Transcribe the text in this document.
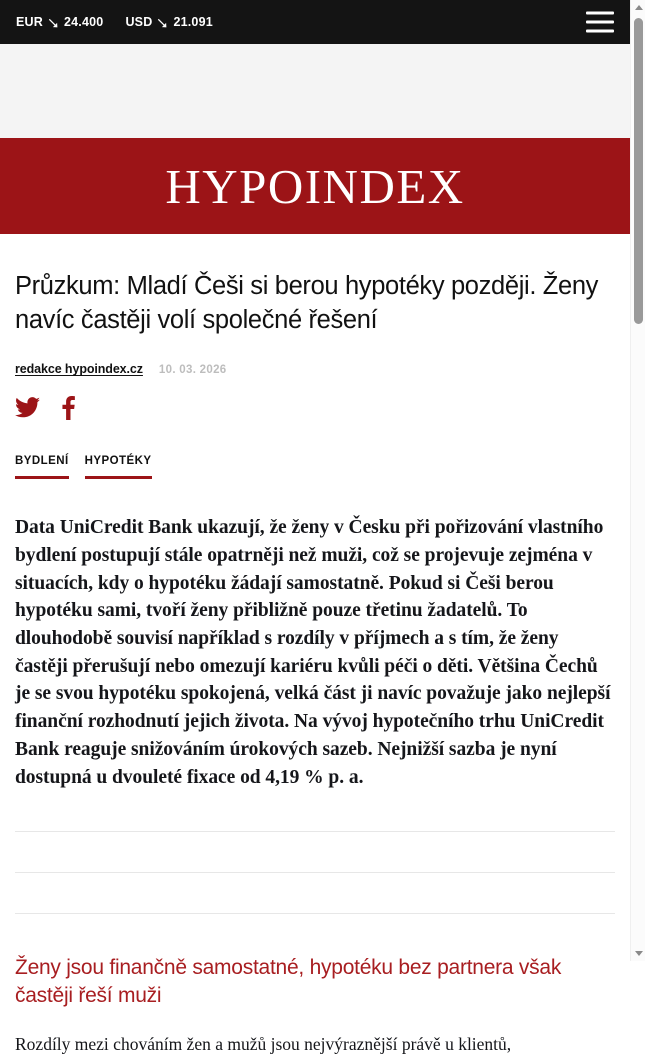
EUR 24.400 USD 21.091
HYPOINDEX
Průzkum: Mladí Češi si berou hypotéky později. Ženy navíc častěji volí společné řešení
redakce hypoindex.cz 10. 03. 2026
BYDLENÍ HYPOTÉKY

Data UniCredit Bank ukazují, že ženy v Česku při pořizování vlastního bydlení postupují stále opatrněji než muži, což se projevuje zejména v situacích, kdy o hypotéku žádají samostatně. Pokud si Češi berou hypotéku sami, tvoří ženy přibližně pouze třetinu žadatelů. To dlouhodobě souvisí například s rozdíly v příjmech a s tím, že ženy častěji přerušují nebo omezují kariéru kvůli péči o děti. Většina Čechů je se svou hypotéku spokojená, velká část ji navíc považuje jako nejlepší finanční rozhodnutí jejich života. Na vývoj hypotečního trhu UniCredit Bank reaguje snižováním úrokových sazeb. Nejnižší sazba je nyní dostupná u dvouleté fixace od 4,19 % p. a.

Ženy jsou finančně samostatné, hypotéku bez partnera však častěji řeší muži

Rozdíly mezi chováním žen a mužů jsou nejvýraznější právě u klientů,
